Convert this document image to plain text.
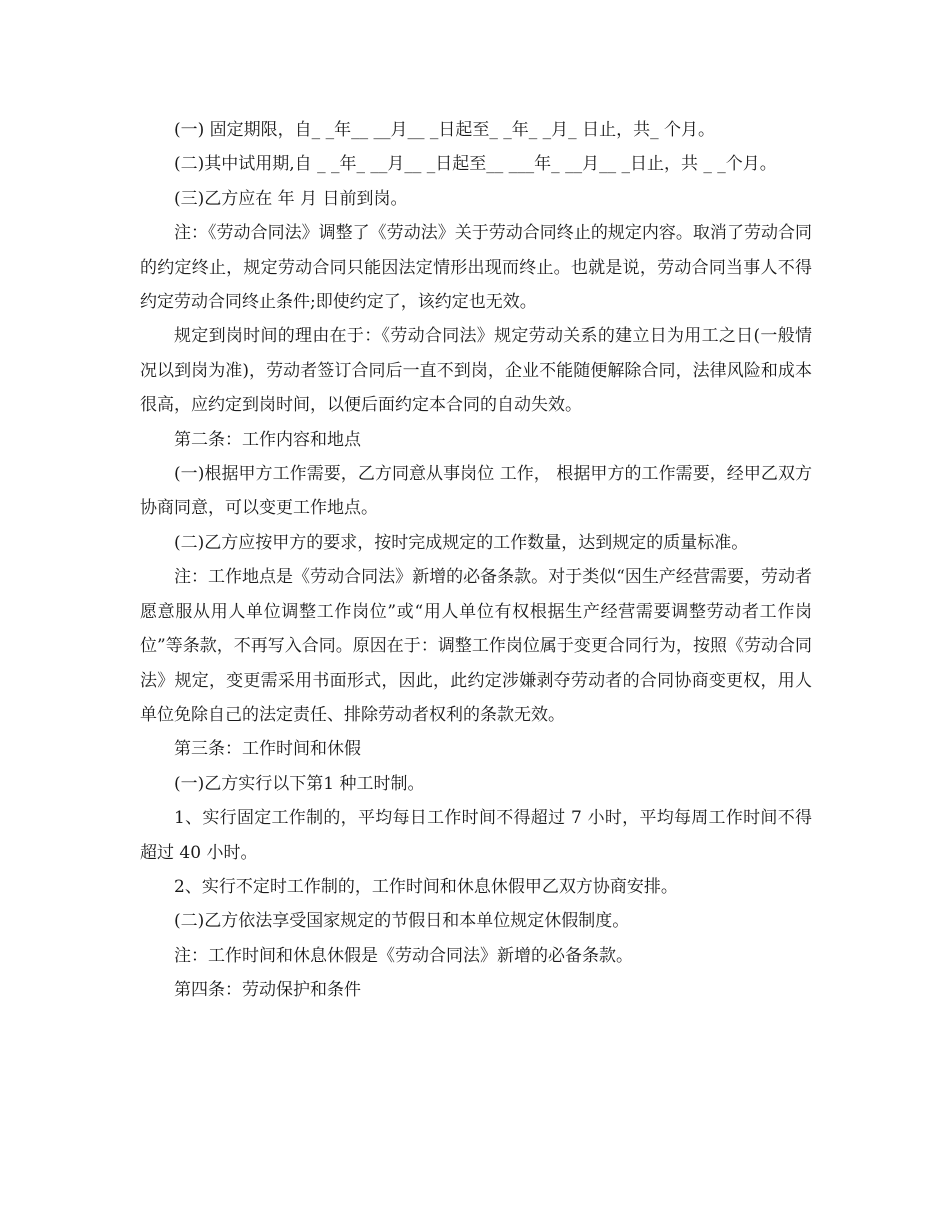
(一) 固定期限，自_ _年__ __月__ _日起至_ _年_ _月_ 日止，共_ 个月。

(二)其中试用期,自 _ _年_ __月__ _日起至__ ___年_ __月__ _日止，共 _ _个月。

(三)乙方应在 年 月 日前到岗。

注：《劳动合同法》调整了《劳动法》关于劳动合同终止的规定内容。取消了劳动合同的约定终止，规定劳动合同只能因法定情形出现而终止。也就是说，劳动合同当事人不得约定劳动合同终止条件;即使约定了，该约定也无效。

规定到岗时间的理由在于：《劳动合同法》规定劳动关系的建立日为用工之日(一般情况以到岗为准)，劳动者签订合同后一直不到岗，企业不能随便解除合同，法律风险和成本很高，应约定到岗时间，以便后面约定本合同的自动失效。

第二条：工作内容和地点

(一)根据甲方工作需要，乙方同意从事岗位 工作， 根据甲方的工作需要，经甲乙双方协商同意，可以变更工作地点。

(二)乙方应按甲方的要求，按时完成规定的工作数量，达到规定的质量标准。

注：工作地点是《劳动合同法》新增的必备条款。对于类似“因生产经营需要，劳动者愿意服从用人单位调整工作岗位”或“用人单位有权根据生产经营需要调整劳动者工作岗位”等条款，不再写入合同。原因在于：调整工作岗位属于变更合同行为，按照《劳动合同法》规定，变更需采用书面形式，因此，此约定涉嫌剥夺劳动者的合同协商变更权，用人单位免除自己的法定责任、排除劳动者权利的条款无效。

第三条：工作时间和休假

(一)乙方实行以下第1 种工时制。

1、实行固定工作制的，平均每日工作时间不得超过 7 小时，平均每周工作时间不得超过 40 小时。

2、实行不定时工作制的，工作时间和休息休假甲乙双方协商安排。

(二)乙方依法享受国家规定的节假日和本单位规定休假制度。

注：工作时间和休息休假是《劳动合同法》新增的必备条款。

第四条：劳动保护和条件
